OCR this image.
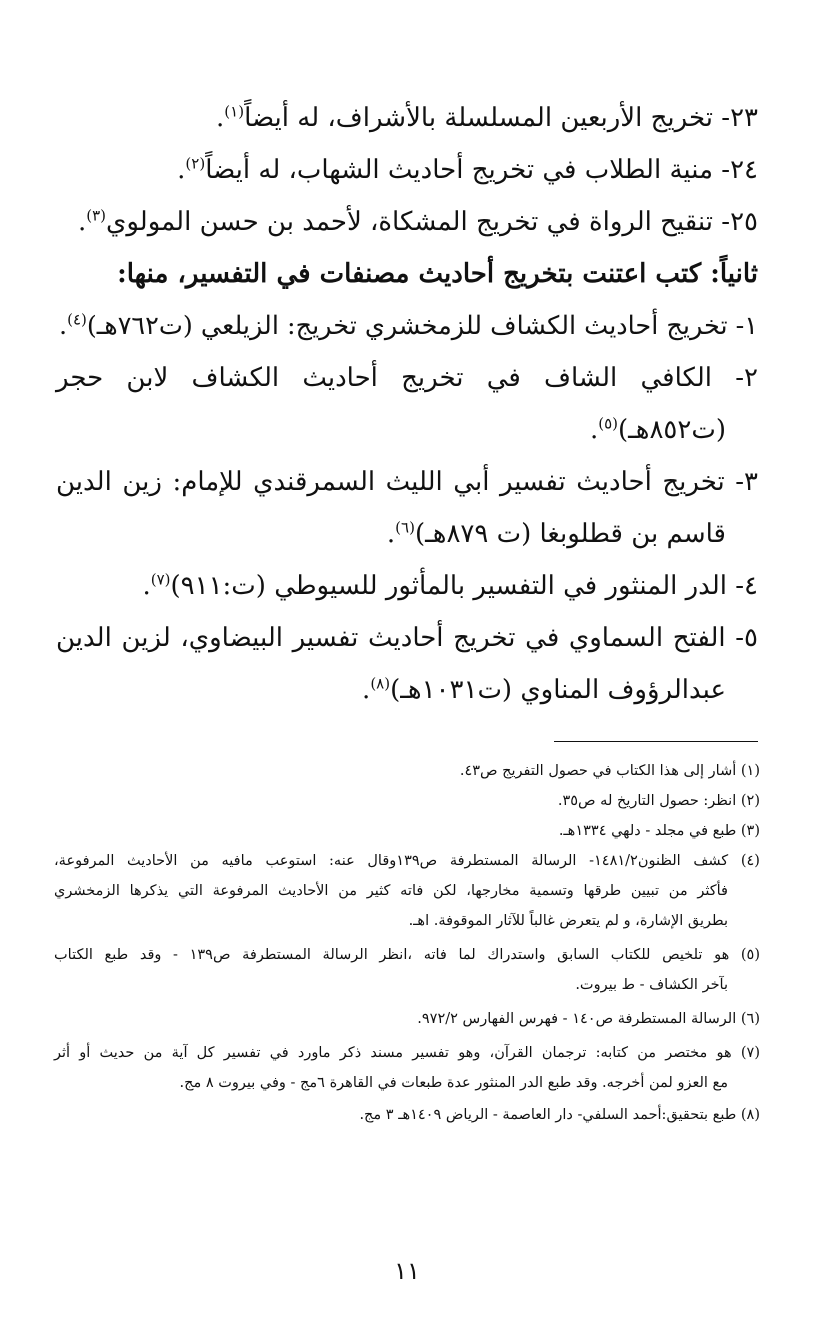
٢٣- تخريج الأربعين المسلسلة بالأشراف، له أيضاً$^{(١)}$.
٢٤- منية الطلاب في تخريج أحاديث الشهاب، له أيضاً$^{(٢)}$.
٢٥- تنقيح الرواة في تخريج المشكاة، لأحمد بن حسن المولوي$^{(٣)}$.
ثانياً: كتب اعتنت بتخريج أحاديث مصنفات في التفسير، منها:
١- تخريج أحاديث الكشاف للزمخشري تخريج: الزيلعي (ت٧٦٢هـ)$^{(٤)}$.
٢- الكافي الشاف في تخريج أحاديث الكشاف لابن حجر
(ت٨٥٢هـ)$^{(٥)}$.
٣- تخريج أحاديث تفسير أبي الليث السمرقندي للإمام: زين الدين
قاسم بن قطلوبغا (ت ٨٧٩هـ)$^{(٦)}$.
٤- الدر المنثور في التفسير بالمأثور للسيوطي (ت:٩١١)$^{(٧)}$.
٥- الفتح السماوي في تخريج أحاديث تفسير البيضاوي، لزين الدين
عبدالرؤوف المناوي (ت١٠٣١هـ)$^{(٨)}$.
(١) أشار إلى هذا الكتاب في حصول التفريج ص٤٣.
(٢) انظر: حصول التاريخ له ص٣٥.
(٣) طبع في مجلد - دلهي ١٣٣٤هـ.
(٤) كشف الظنون١٤٨١/٢- الرسالة المستطرفة ص١٣٩وقال عنه: استوعب مافيه من الأحاديث المرفوعة،
فأكثر من تبيين طرقها وتسمية مخارجها، لكن فاته كثير من الأحاديث المرفوعة التي يذكرها الزمخشري
بطريق الإشارة، و لم يتعرض غالباً للآثار الموقوفة. اهـ.
(٥) هو تلخيص للكتاب السابق واستدراك لما فاته ،انظر الرسالة المستطرفة ص١٣٩ - وقد طبع الكتاب
بآخر الكشاف - ط بيروت.
(٦) الرسالة المستطرفة ص١٤٠ - فهرس الفهارس ٩٧٢/٢.
(٧) هو مختصر من كتابه: ترجمان القرآن، وهو تفسير مسند ذكر ماورد في تفسير كل آية من حديث أو أثر
مع العزو لمن أخرجه. وقد طبع الدر المنثور عدة طبعات في القاهرة ٦مج - وفي بيروت ٨ مج.
(٨) طبع بتحقيق:أحمد السلفي- دار العاصمة - الرياض ١٤٠٩هـ ٣ مج.
١١
